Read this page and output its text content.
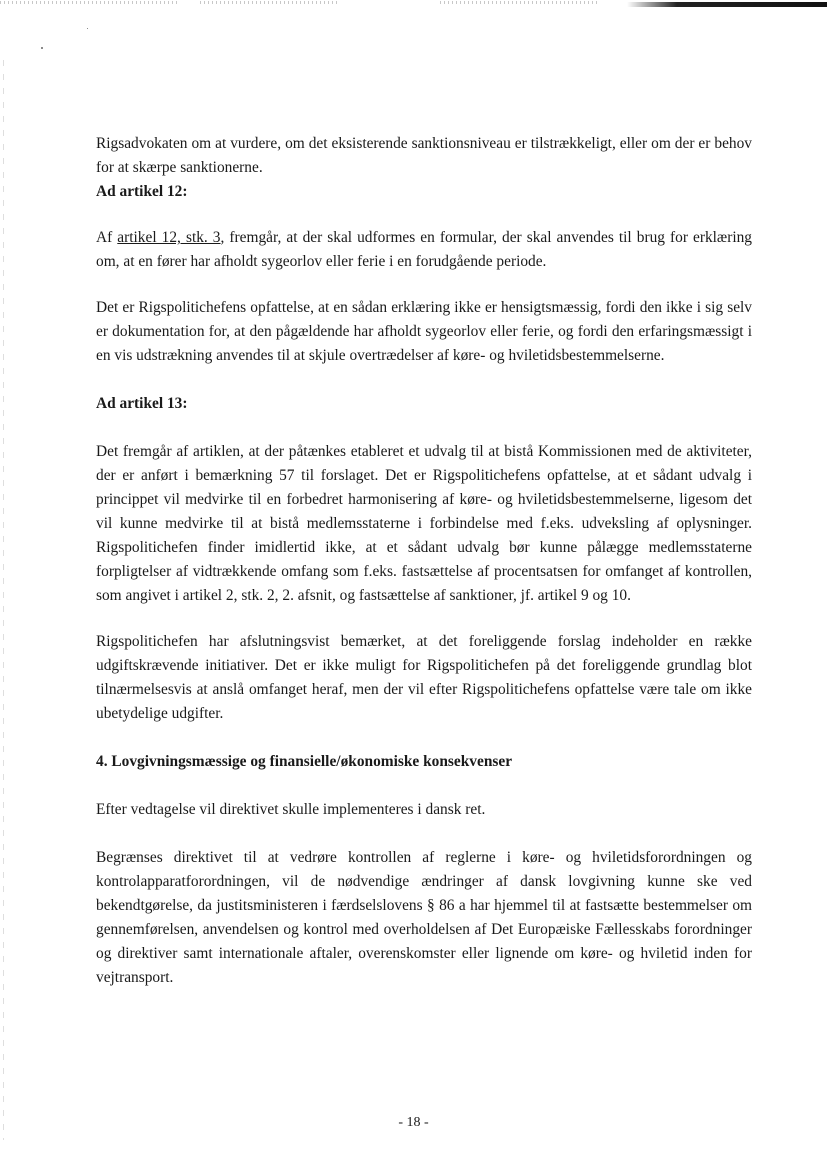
Rigsadvokaten om at vurdere, om det eksisterende sanktionsniveau er tilstrækkeligt, eller om der er behov for at skærpe sanktionerne.

Ad artikel 12:

Af artikel 12, stk. 3, fremgår, at der skal udformes en formular, der skal anvendes til brug for erklæring om, at en fører har afholdt sygeorlov eller ferie i en forudgående periode.

Det er Rigspolitichefens opfattelse, at en sådan erklæring ikke er hensigtsmæssig, fordi den ikke i sig selv er dokumentation for, at den pågældende har afholdt sygeorlov eller ferie, og fordi den erfaringsmæssigt i en vis udstrækning anvendes til at skjule overtrædelser af køre- og hviletidsbestemmelserne.

Ad artikel 13:

Det fremgår af artiklen, at der påtænkes etableret et udvalg til at bistå Kommissionen med de aktiviteter, der er anført i bemærkning 57 til forslaget. Det er Rigspolitichefens opfattelse, at et sådant udvalg i princippet vil medvirke til en forbedret harmonisering af køre- og hviletidsbestemmelserne, ligesom det vil kunne medvirke til at bistå medlemsstaterne i forbindelse med f.eks. udveksling af oplysninger. Rigspolitichefen finder imidlertid ikke, at et sådant udvalg bør kunne pålægge medlemsstaterne forpligtelser af vidtrækkende omfang som f.eks. fastsættelse af procentsatsen for omfanget af kontrollen, som angivet i artikel 2, stk. 2, 2. afsnit, og fastsættelse af sanktioner, jf. artikel 9 og 10.

Rigspolitichefen har afslutningsvist bemærket, at det foreliggende forslag indeholder en række udgiftskrævende initiativer. Det er ikke muligt for Rigspolitichefen på det foreliggende grundlag blot tilnærmelsesvis at anslå omfanget heraf, men der vil efter Rigspolitichefens opfattelse være tale om ikke ubetydelige udgifter.

4. Lovgivningsmæssige og finansielle/økonomiske konsekvenser

Efter vedtagelse vil direktivet skulle implementeres i dansk ret.

Begrænses direktivet til at vedrøre kontrollen af reglerne i køre- og hviletidsforordningen og kontrolapparatforordningen, vil de nødvendige ændringer af dansk lovgivning kunne ske ved bekendtgørelse, da justitsministeren i færdselslovens § 86 a har hjemmel til at fastsætte bestemmelser om gennemførelsen, anvendelsen og kontrol med overholdelsen af Det Europæiske Fællesskabs forordninger og direktiver samt internationale aftaler, overenskomster eller lignende om køre- og hviletid inden for vejtransport.

- 18 -
